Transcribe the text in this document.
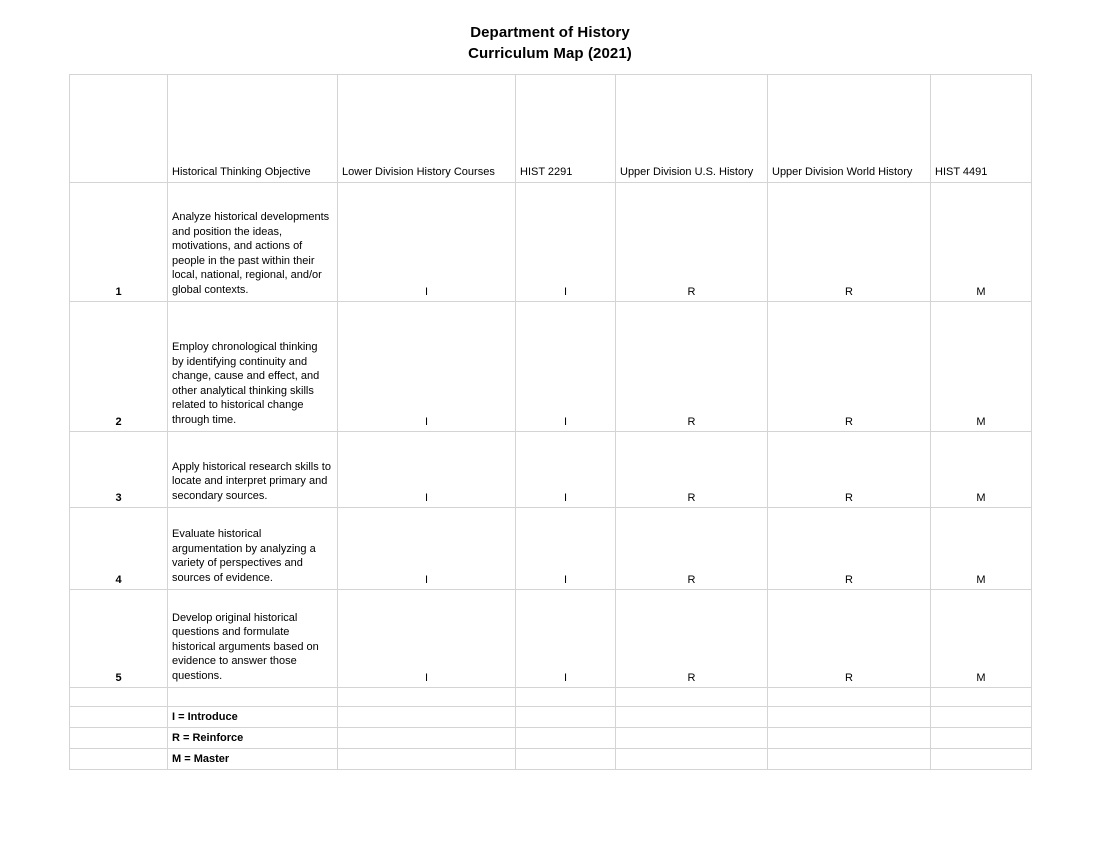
Department of History
Curriculum Map (2021)
	Historical Thinking Objective	Lower Division History Courses	HIST 2291	Upper Division U.S. History	Upper Division World History	HIST 4491
1	Analyze historical developments and position the ideas, motivations, and actions of people in the past within their local, national, regional, and/or global contexts.	I	I	R	R	M
2	Employ chronological thinking by identifying continuity and change, cause and effect, and other analytical thinking skills related to historical change through time.	I	I	R	R	M
3	Apply historical research skills to locate and interpret primary and secondary sources.	I	I	R	R	M
4	Evaluate historical argumentation by analyzing a variety of perspectives and sources of evidence.	I	I	R	R	M
5	Develop original historical questions and formulate historical arguments based on evidence to answer those questions.	I	I	R	R	M

	I = Introduce					
	R = Reinforce					
	M = Master					
